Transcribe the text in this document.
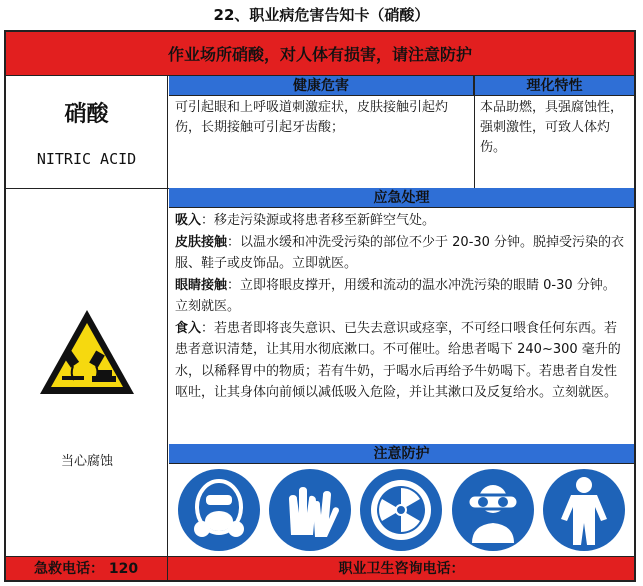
22、职业病危害告知卡（硝酸）
作业场所硝酸，对人体有损害，请注意防护
硝酸
NITRIC ACID
健康危害
可引起眼和上呼吸道刺激症状，皮肤接触引起灼伤，长期接触可引起牙齿酸；
理化特性
本品助燃，具强腐蚀性，强刺激性，可致人体灼伤。
当心腐蚀
应急处理

吸入：移走污染源或将患者移至新鲜空气处。

皮肤接触：以温水缓和冲洗受污染的部位不少于 20-30 分钟。脱掉受污染的衣服、鞋子或皮饰品。立即就医。

眼睛接触：立即将眼皮撑开，用缓和流动的温水冲洗污染的眼睛 0-30 分钟。立刻就医。

食入：若患者即将丧失意识、已失去意识或痉挛，不可经口喂食任何东西。若患者意识清楚，让其用水彻底漱口。不可催吐。给患者喝下 240~300 毫升的水，以稀释胃中的物质；若有牛奶，于喝水后再给予牛奶喝下。若患者自发性呕吐，让其身体向前倾以减低吸入危险，并让其漱口及反复给水。立刻就医。

注意防护
急救电话： 120	职业卫生咨询电话：
